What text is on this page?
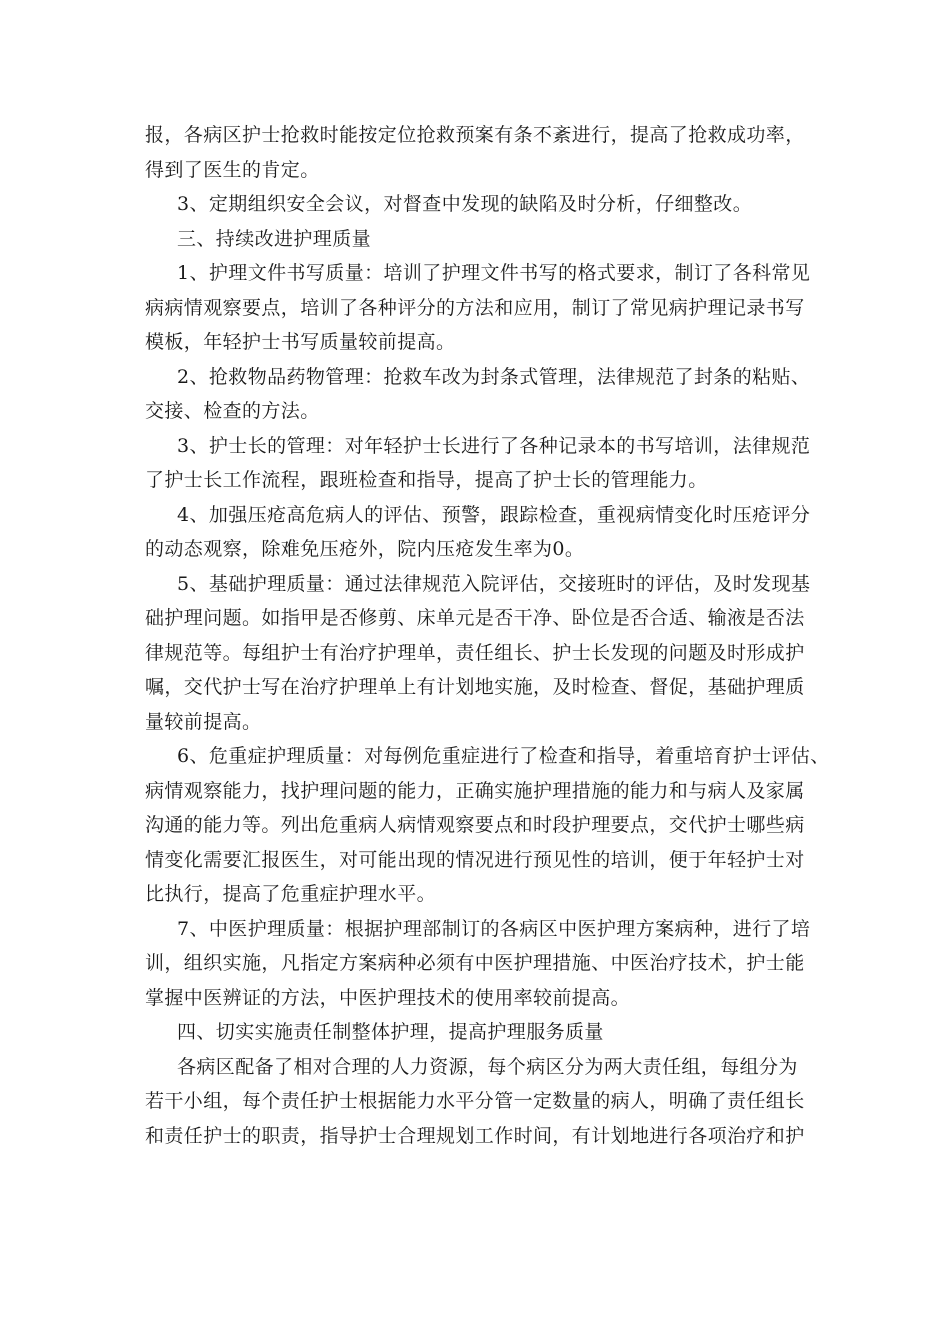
报，各病区护士抢救时能按定位抢救预案有条不紊进行，提高了抢救成功率，
得到了医生的肯定。
3、定期组织安全会议，对督查中发现的缺陷及时分析，仔细整改。
三、持续改进护理质量
1、护理文件书写质量：培训了护理文件书写的格式要求，制订了各科常见
病病情观察要点，培训了各种评分的方法和应用，制订了常见病护理记录书写
模板，年轻护士书写质量较前提高。
2、抢救物品药物管理：抢救车改为封条式管理，法律规范了封条的粘贴、
交接、检查的方法。
3、护士长的管理：对年轻护士长进行了各种记录本的书写培训，法律规范
了护士长工作流程，跟班检查和指导，提高了护士长的管理能力。
4、加强压疮高危病人的评估、预警，跟踪检查，重视病情变化时压疮评分
的动态观察，除难免压疮外，院内压疮发生率为0。
5、基础护理质量：通过法律规范入院评估，交接班时的评估，及时发现基
础护理问题。如指甲是否修剪、床单元是否干净、卧位是否合适、输液是否法
律规范等。每组护士有治疗护理单，责任组长、护士长发现的问题及时形成护
嘱，交代护士写在治疗护理单上有计划地实施，及时检查、督促，基础护理质
量较前提高。
6、危重症护理质量：对每例危重症进行了检查和指导，着重培育护士评估、
病情观察能力，找护理问题的能力，正确实施护理措施的能力和与病人及家属
沟通的能力等。列出危重病人病情观察要点和时段护理要点，交代护士哪些病
情变化需要汇报医生，对可能出现的情况进行预见性的培训，便于年轻护士对
比执行，提高了危重症护理水平。
7、中医护理质量：根据护理部制订的各病区中医护理方案病种，进行了培
训，组织实施，凡指定方案病种必须有中医护理措施、中医治疗技术，护士能
掌握中医辨证的方法，中医护理技术的使用率较前提高。
四、切实实施责任制整体护理，提高护理服务质量
各病区配备了相对合理的人力资源，每个病区分为两大责任组，每组分为
若干小组，每个责任护士根据能力水平分管一定数量的病人，明确了责任组长
和责任护士的职责，指导护士合理规划工作时间，有计划地进行各项治疗和护
